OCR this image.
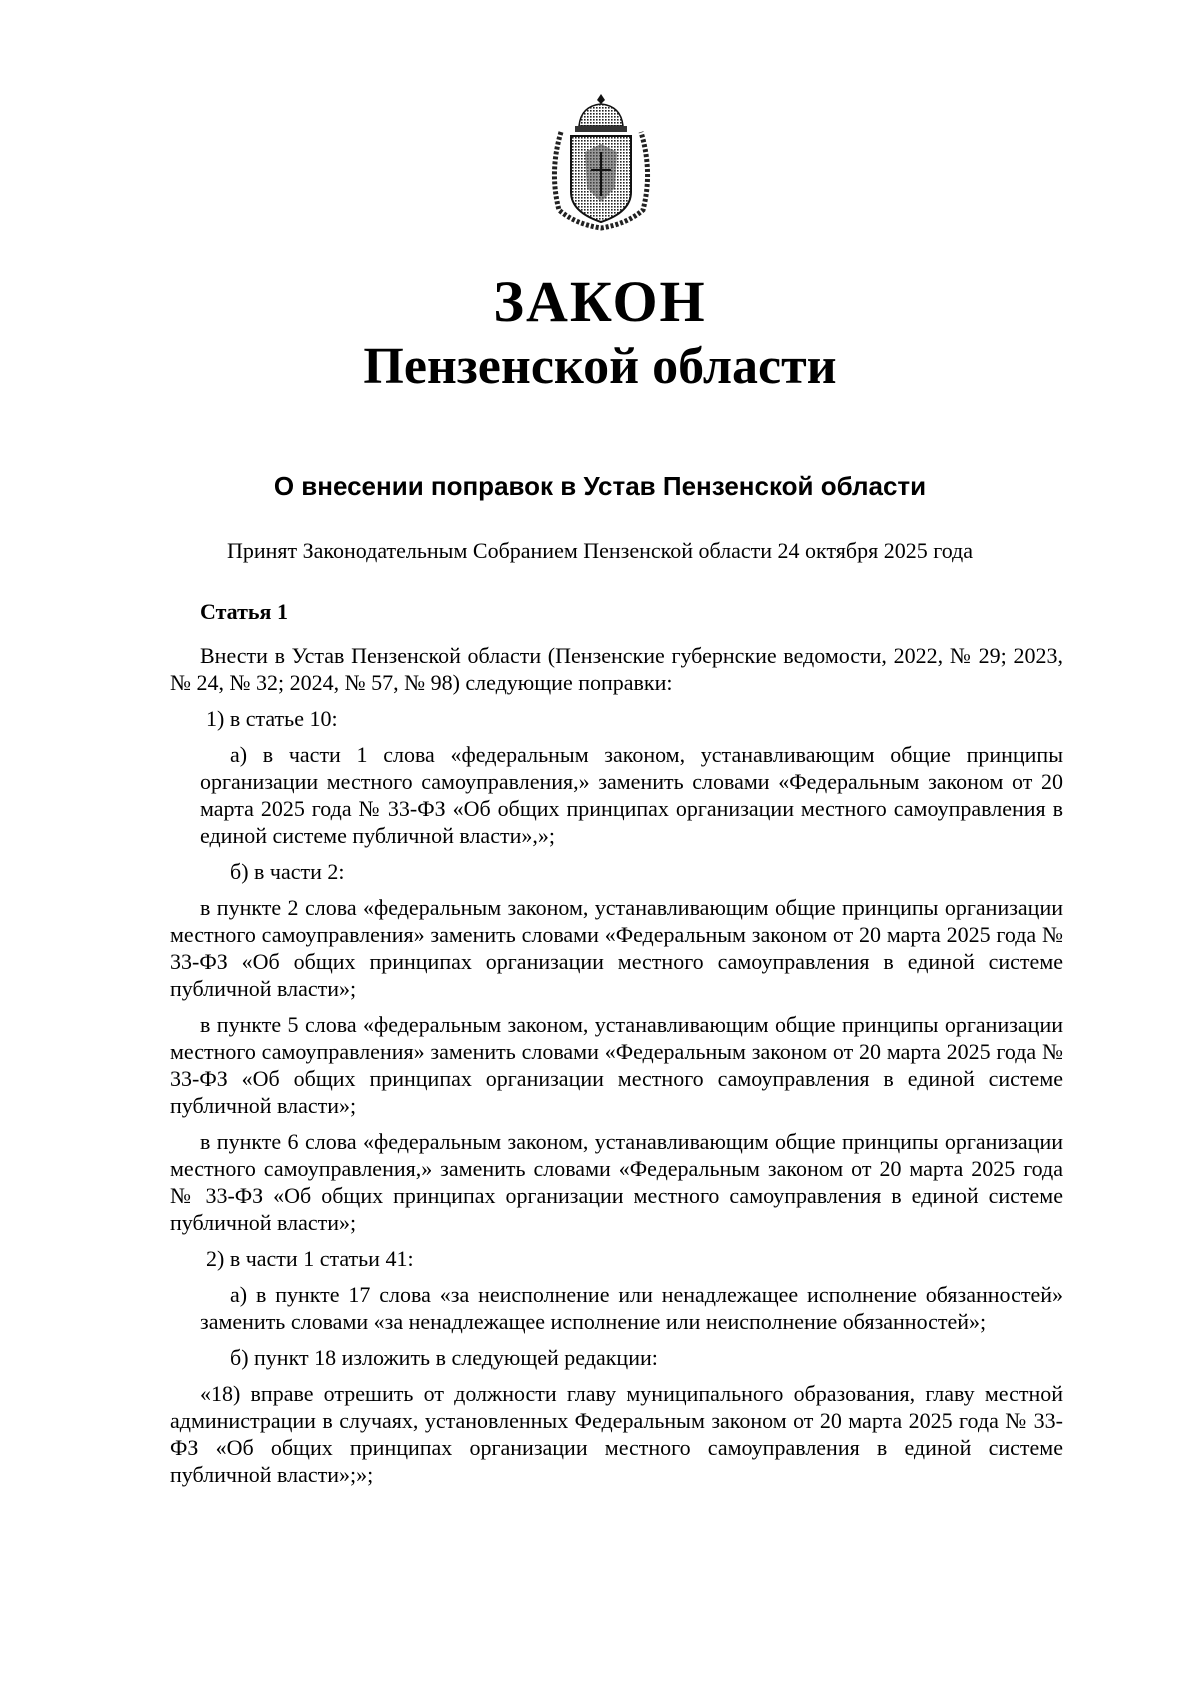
ЗАКОН
Пензенской области
О внесении поправок в Устав Пензенской области
Принят Законодательным Собранием Пензенской области 24 октября 2025 года

Статья 1

Внести в Устав Пензенской области (Пензенские губернские ведомости, 2022, № 29; 2023, № 24, № 32; 2024, № 57, № 98) следующие поправки:

1) в статье 10:

а) в части 1 слова «федеральным законом, устанавливающим общие принципы организации местного самоуправления,» заменить словами «Федеральным законом от 20 марта 2025 года № 33-ФЗ «Об общих принципах организации местного самоуправления в единой системе публичной власти»,»;

б) в части 2:

в пункте 2 слова «федеральным законом, устанавливающим общие принципы организации местного самоуправления» заменить словами «Федеральным законом от 20 марта 2025 года № 33-ФЗ «Об общих принципах организации местного самоуправления в единой системе публичной власти»;

в пункте 5 слова «федеральным законом, устанавливающим общие принципы организации местного самоуправления» заменить словами «Федеральным законом от 20 марта 2025 года № 33-ФЗ «Об общих принципах организации местного самоуправления в единой системе публичной власти»;

в пункте 6 слова «федеральным законом, устанавливающим общие принципы организации местного самоуправления,» заменить словами «Федеральным законом от 20 марта 2025 года № 33-ФЗ «Об общих принципах организации местного самоуправления в единой системе публичной власти»;

2) в части 1 статьи 41:

а) в пункте 17 слова «за неисполнение или ненадлежащее исполнение обязанностей» заменить словами «за ненадлежащее исполнение или неисполнение обязанностей»;

б) пункт 18 изложить в следующей редакции:

«18) вправе отрешить от должности главу муниципального образования, главу местной администрации в случаях, установленных Федеральным законом от 20 марта 2025 года № 33-ФЗ «Об общих принципах организации местного самоуправления в единой системе публичной власти»;»;
